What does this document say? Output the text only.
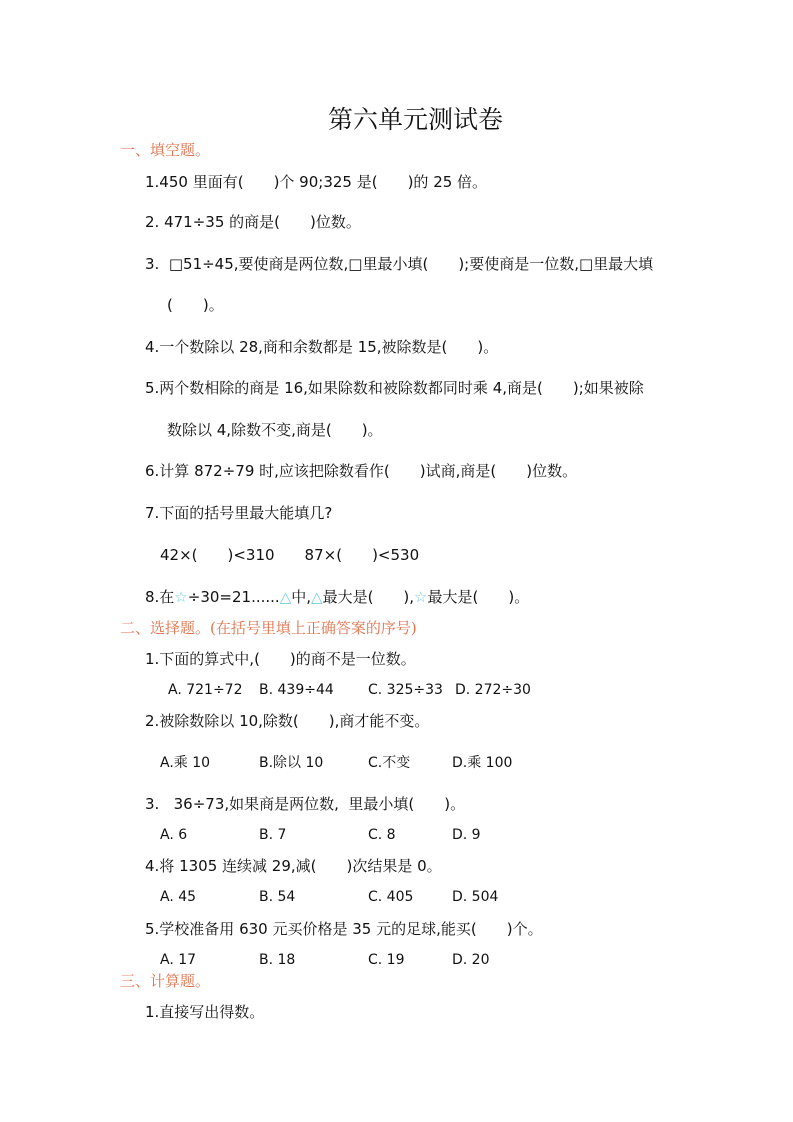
第六单元测试卷
一、填空题。
1.450 里面有(　　)个 90;325 是(　　)的 25 倍。
2. 471÷35 的商是(　　)位数。
3.  □51÷45,要使商是两位数,□里最小填(　　);要使商是一位数,□里最大填
(　　)。
4.一个数除以 28,商和余数都是 15,被除数是(　　)。
5.两个数相除的商是 16,如果除数和被除数都同时乘 4,商是(　　);如果被除
数除以 4,除数不变,商是(　　)。
6.计算 872÷79 时,应该把除数看作(　　)试商,商是(　　)位数。
7.下面的括号里最大能填几?
42×(　　)<310　　87×(　　)<530
8.在☆÷30=21......△中,△最大是(　　),☆最大是(　　)。
二、选择题。(在括号里填上正确答案的序号)
1.下面的算式中,(　　)的商不是一位数。
A. 721÷72 B. 439÷44 C. 325÷33 D. 272÷30
2.被除数除以 10,除数(　　),商才能不变。
A.乘 10	B.除以 10	C.不变	D.乘 100
3.   36÷73,如果商是两位数,  里最小填(　　)。
A. 6	B. 7	C. 8	D. 9
4.将 1305 连续减 29,减(　　)次结果是 0。
A. 45	B. 54	C. 405	D. 504
5.学校准备用 630 元买价格是 35 元的足球,能买(　　)个。
A. 17	B. 18	C. 19	D. 20
三、计算题。
1.直接写出得数。
